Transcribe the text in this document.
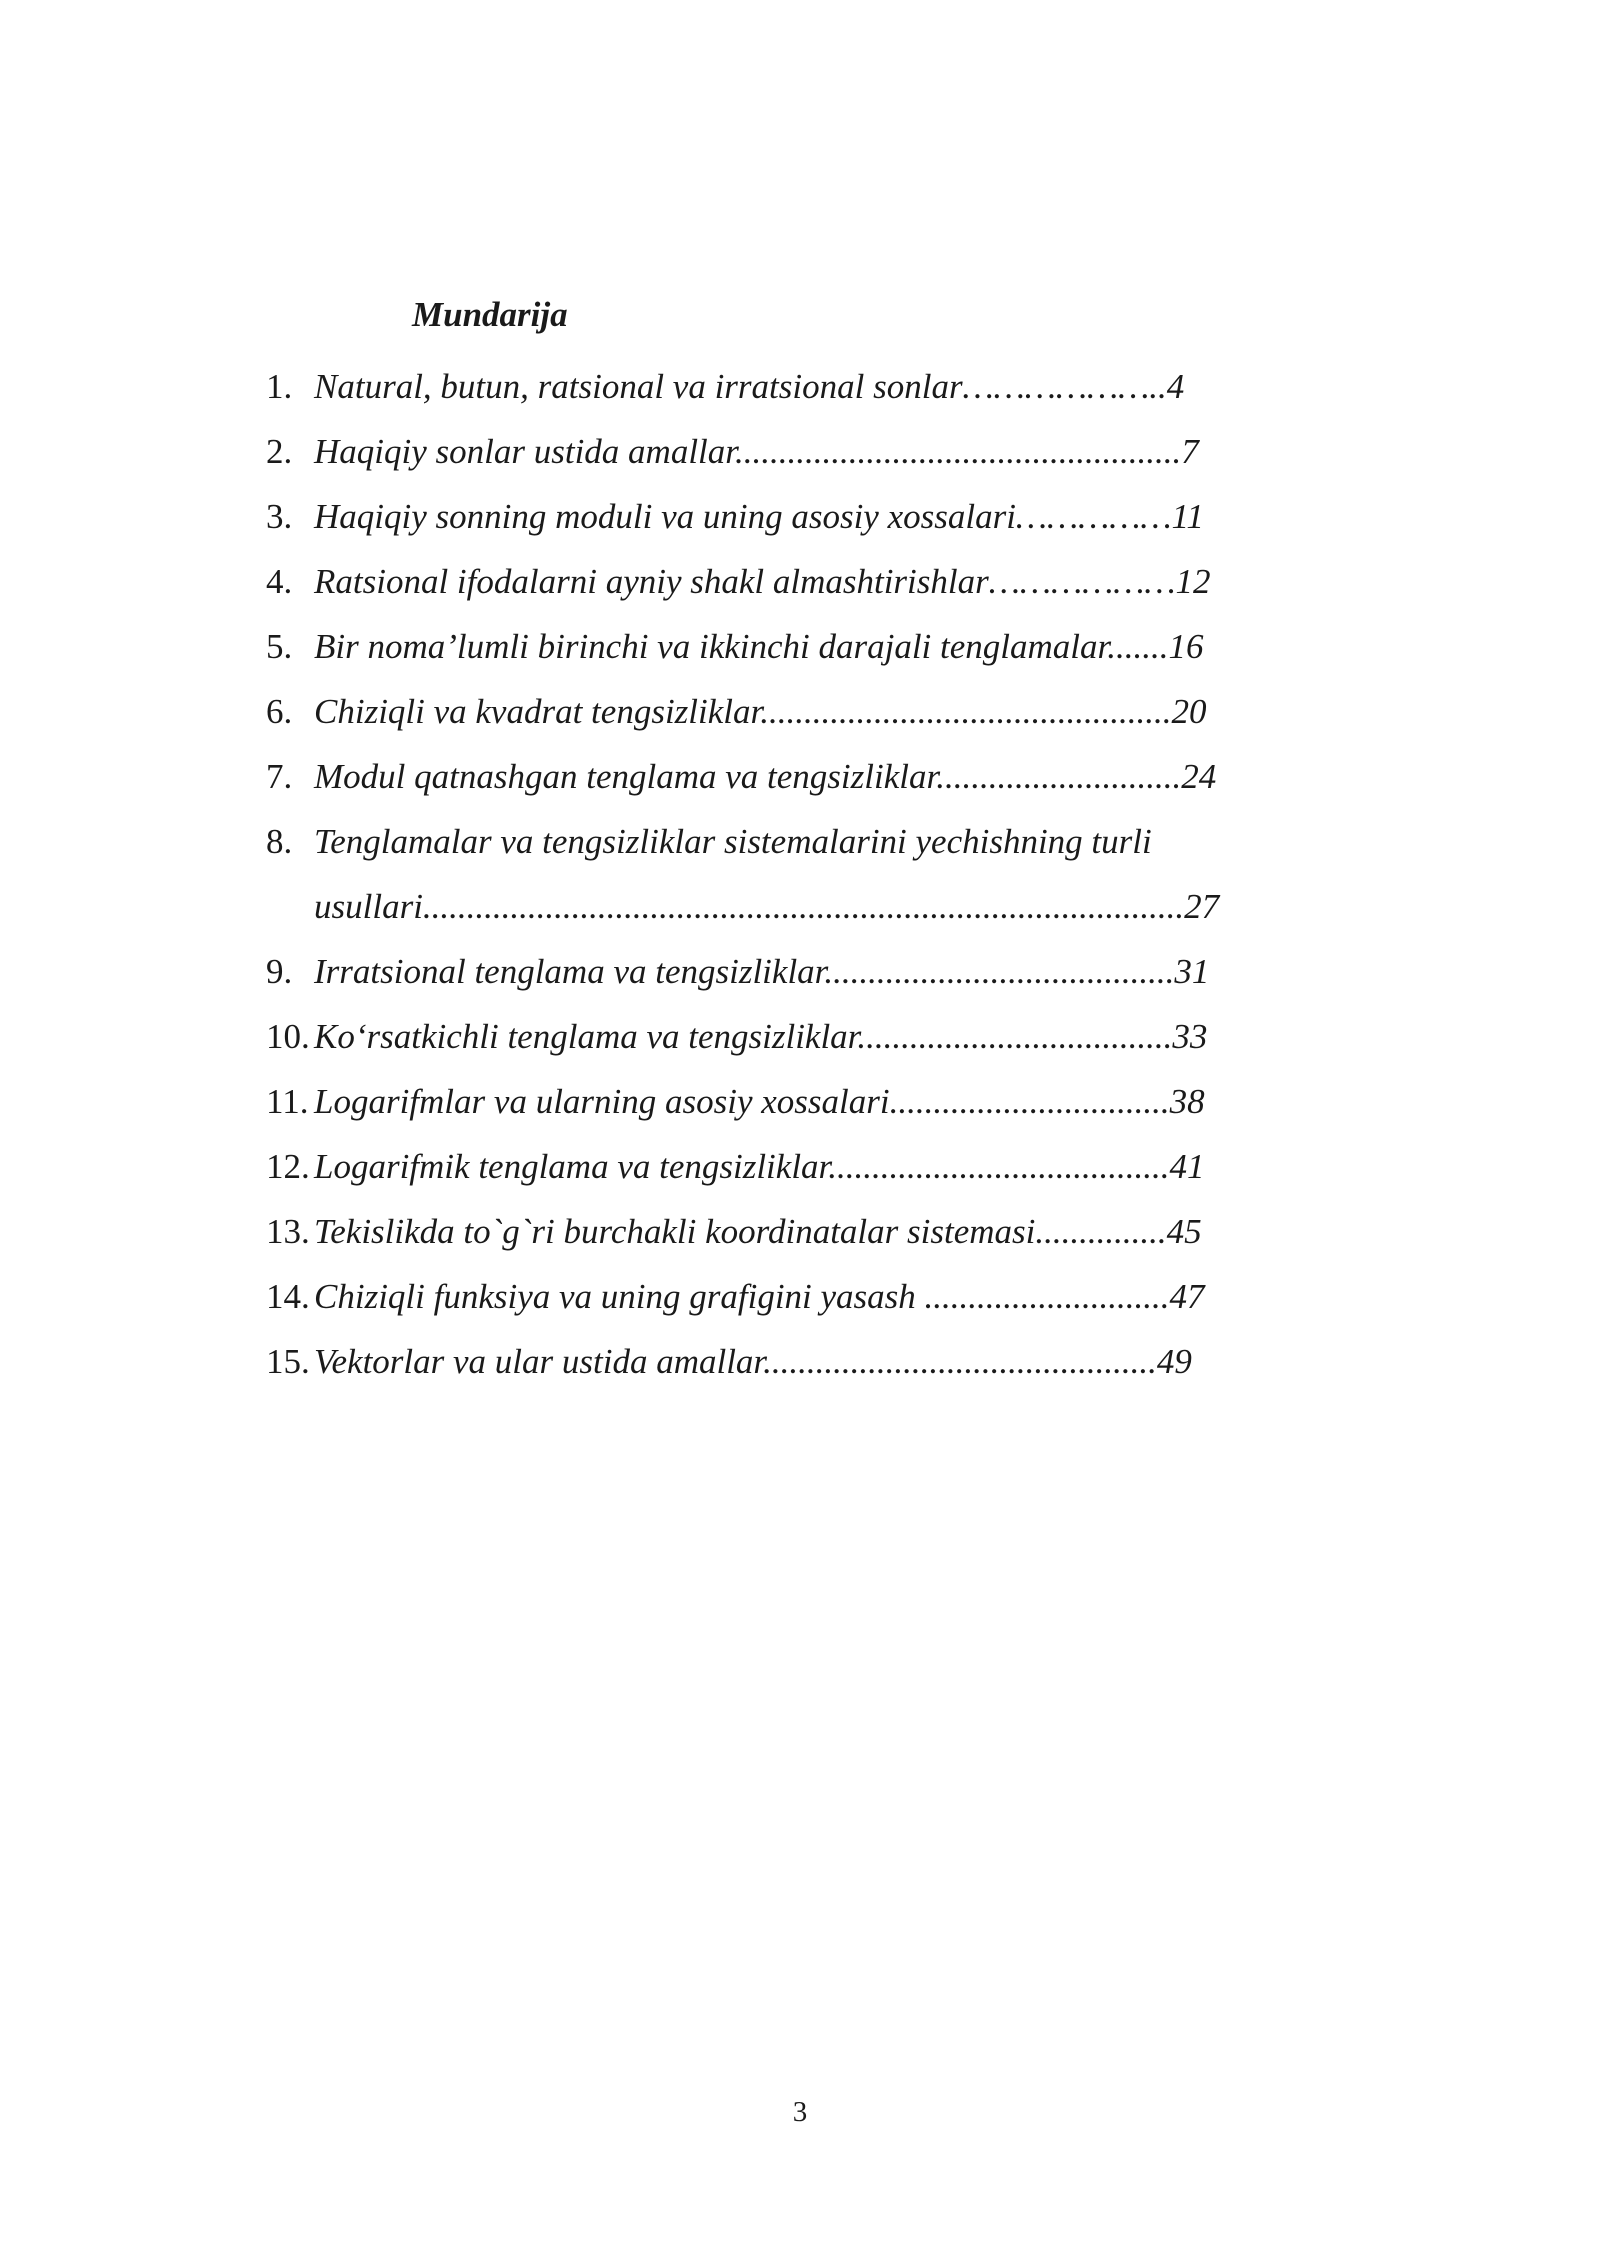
Mundarija
1. Natural, butun, ratsional va irratsional sonlar………………..4
2. Haqiqiy sonlar ustida amallar...................................................7
3. Haqiqiy sonning moduli va uning asosiy xossalari……………11
4. Ratsional ifodalarni ayniy shakl almashtirishlar………………12
5. Bir noma’lumli birinchi va ikkinchi darajali tenglamalar.......16
6. Chiziqli va kvadrat tengsizliklar...............................................20
7. Modul qatnashgan tenglama va tengsizliklar............................24
8. Tenglamalar va tengsizliklar sistemalarini yechishning turli
usullari.......................................................................................27
9. Irratsional tenglama va tengsizliklar........................................31
10. Ko‘rsatkichli tenglama va tengsizliklar....................................33
11. Logarifmlar va ularning asosiy xossalari................................38
12. Logarifmik tenglama va tengsizliklar.......................................41
13. Tekislikda to`g`ri burchakli koordinatalar sistemasi...............45
14. Chiziqli funksiya va uning grafigini yasash ............................47
15. Vektorlar va ular ustida amallar.............................................49
3
